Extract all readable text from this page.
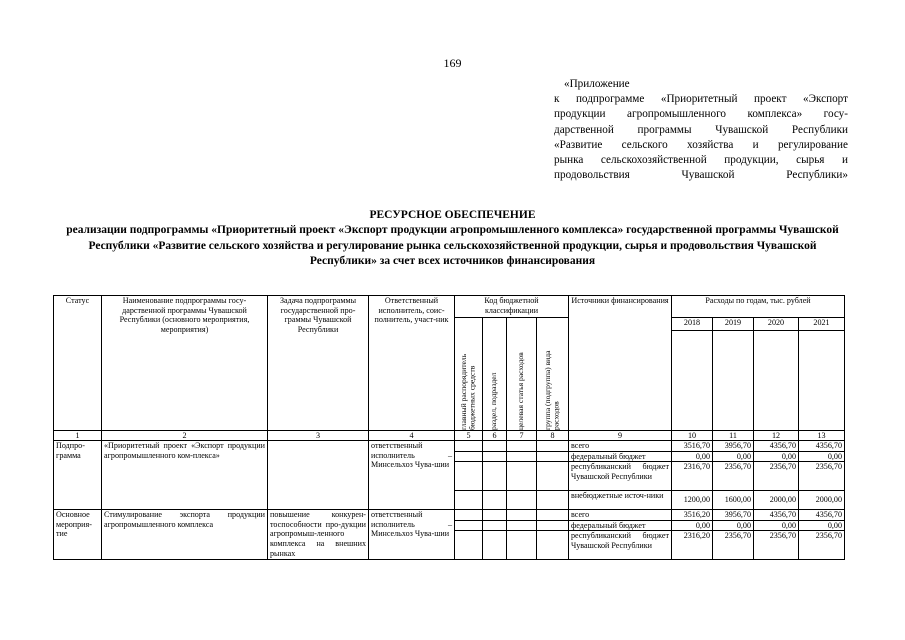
169
«Приложение
к подпрограмме «Приоритетный проект «Экспорт
продукции агропромышленного комплекса» госу-
дарственной программы Чувашской Республики
«Развитие сельского хозяйства и регулирование
рынка сельскохозяйственной продукции, сырья и
продовольствия Чувашской Республики»
РЕСУРСНОЕ ОБЕСПЕЧЕНИЕ
реализации подпрограммы «Приоритетный проект «Экспорт продукции агропромышленного комплекса» государственной программы Чувашской Республики «Развитие сельского хозяйства и регулирование рынка сельскохозяйственной продукции, сырья и продовольствия Чувашской Республики» за счет всех источников финансирования
Статус	Наименование подпрограммы госу-дарственной программы Чувашской Республики (основного мероприятия, мероприятия)	Задача подпрограммы государственной про-граммы Чувашской Республики	Ответственный исполнитель, соис-полнитель, участ-ник	Код бюджетной классификации				Источники финансирования	Расходы по годам, тыс. рублей			

				главный распорядитель бюджетных средств	раздел, подраздел	целевая статья расходов	группа (подгруппа) вида расходов		2018	2019	2020	2021

1	2	3	4	5	6	7	8	9	10	11	12	13
Подпро-грамма	«Приоритетный проект «Экспорт продукции агропромышленного ком-плекса»		ответственный исполнитель – Минсельхоз Чува-шии					всего	3516,70	3956,70	4356,70	4356,70
								федеральный бюджет	0,00	0,00	0,00	0,00
								республиканский бюджет Чувашской Республики	2316,70	2356,70	2356,70	2356,70
								внебюджетные источ-ники	1200,00	1600,00	2000,00	2000,00
Основное мероприя-тие	Стимулирование экспорта продукции агропромышленного комплекса	повышение конкурен-тоспособности про-дукции агропромыш-ленного комплекса на внешних рынках	ответственный исполнитель – Минсельхоз Чува-шии					всего	3516,20	3956,70	4356,70	4356,70
								федеральный бюджет	0,00	0,00	0,00	0,00
								республиканский бюджет Чувашской Республики	2316,20	2356,70	2356,70	2356,70
